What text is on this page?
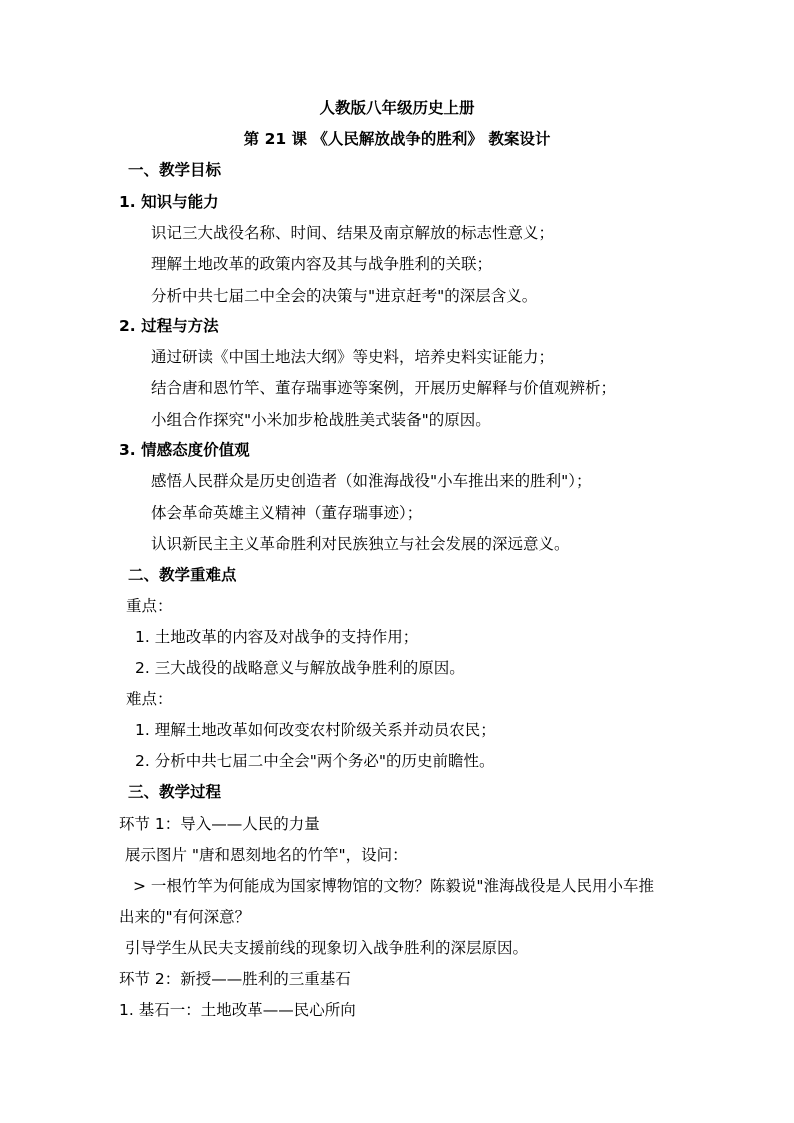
人教版八年级历史上册
第 21 课 《人民解放战争的胜利》 教案设计
一、教学目标
1. 知识与能力
识记三大战役名称、时间、结果及南京解放的标志性意义；
理解土地改革的政策内容及其与战争胜利的关联；
分析中共七届二中全会的决策与"进京赶考"的深层含义。
2. 过程与方法
通过研读《中国土地法大纲》等史料，培养史料实证能力；
结合唐和恩竹竿、董存瑞事迹等案例，开展历史解释与价值观辨析；
小组合作探究"小米加步枪战胜美式装备"的原因。
3. 情感态度价值观
感悟人民群众是历史创造者（如淮海战役"小车推出来的胜利"）；
体会革命英雄主义精神（董存瑞事迹）；
认识新民主主义革命胜利对民族独立与社会发展的深远意义。
二、教学重难点
重点：
1. 土地改革的内容及对战争的支持作用；
2. 三大战役的战略意义与解放战争胜利的原因。
难点：
1. 理解土地改革如何改变农村阶级关系并动员农民；
2. 分析中共七届二中全会"两个务必"的历史前瞻性。
三、教学过程
环节 1：导入——人民的力量
展示图片 "唐和恩刻地名的竹竿"，设问：
> 一根竹竿为何能成为国家博物馆的文物？陈毅说"淮海战役是人民用小车推
出来的"有何深意？
引导学生从民夫支援前线的现象切入战争胜利的深层原因。
环节 2：新授——胜利的三重基石
1. 基石一：土地改革——民心所向
